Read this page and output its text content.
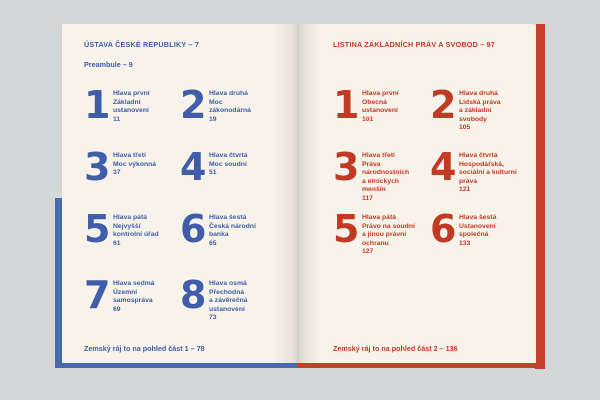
ÚSTAVA ČESKÉ REPUBLIKY – 7
Preambule – 9
1 Hlava první
Základní
ustanovení
11	2 Hlava druhá
Moc
zákonodárná
19
3 Hlava třetí
Moc výkonná
37	4 Hlava čtvrtá
Moc soudní
51
5 Hlava pátá
Nejvyšší
kontrolní úřad
61	6 Hlava šestá
Česká národní
banka
65
7 Hlava sedmá
Územní
samospráva
69	8 Hlava osmá
Přechodná
a závěrečná
ustanovení
73
Zemský ráj to na pohled část 1 – 78
LISTINA ZÁKLADNÍCH PRÁV A SVOBOD – 97
1 Hlava první
Obecná
ustanovení
101	2 Hlava druhá
Lidská práva
a základní
svobody
105
3 Hlava třetí
Práva
národnostních
a etnických
menšin
117
4 Hlava čtvrtá
Hospodářská,
sociální a kulturní
práva
121
5 Hlava pátá
Právo na soudní
a jinou právní
ochranu
127
6 Hlava šestá
Ustanovení
společná
133
Zemský ráj to na pohled část 2 – 136
